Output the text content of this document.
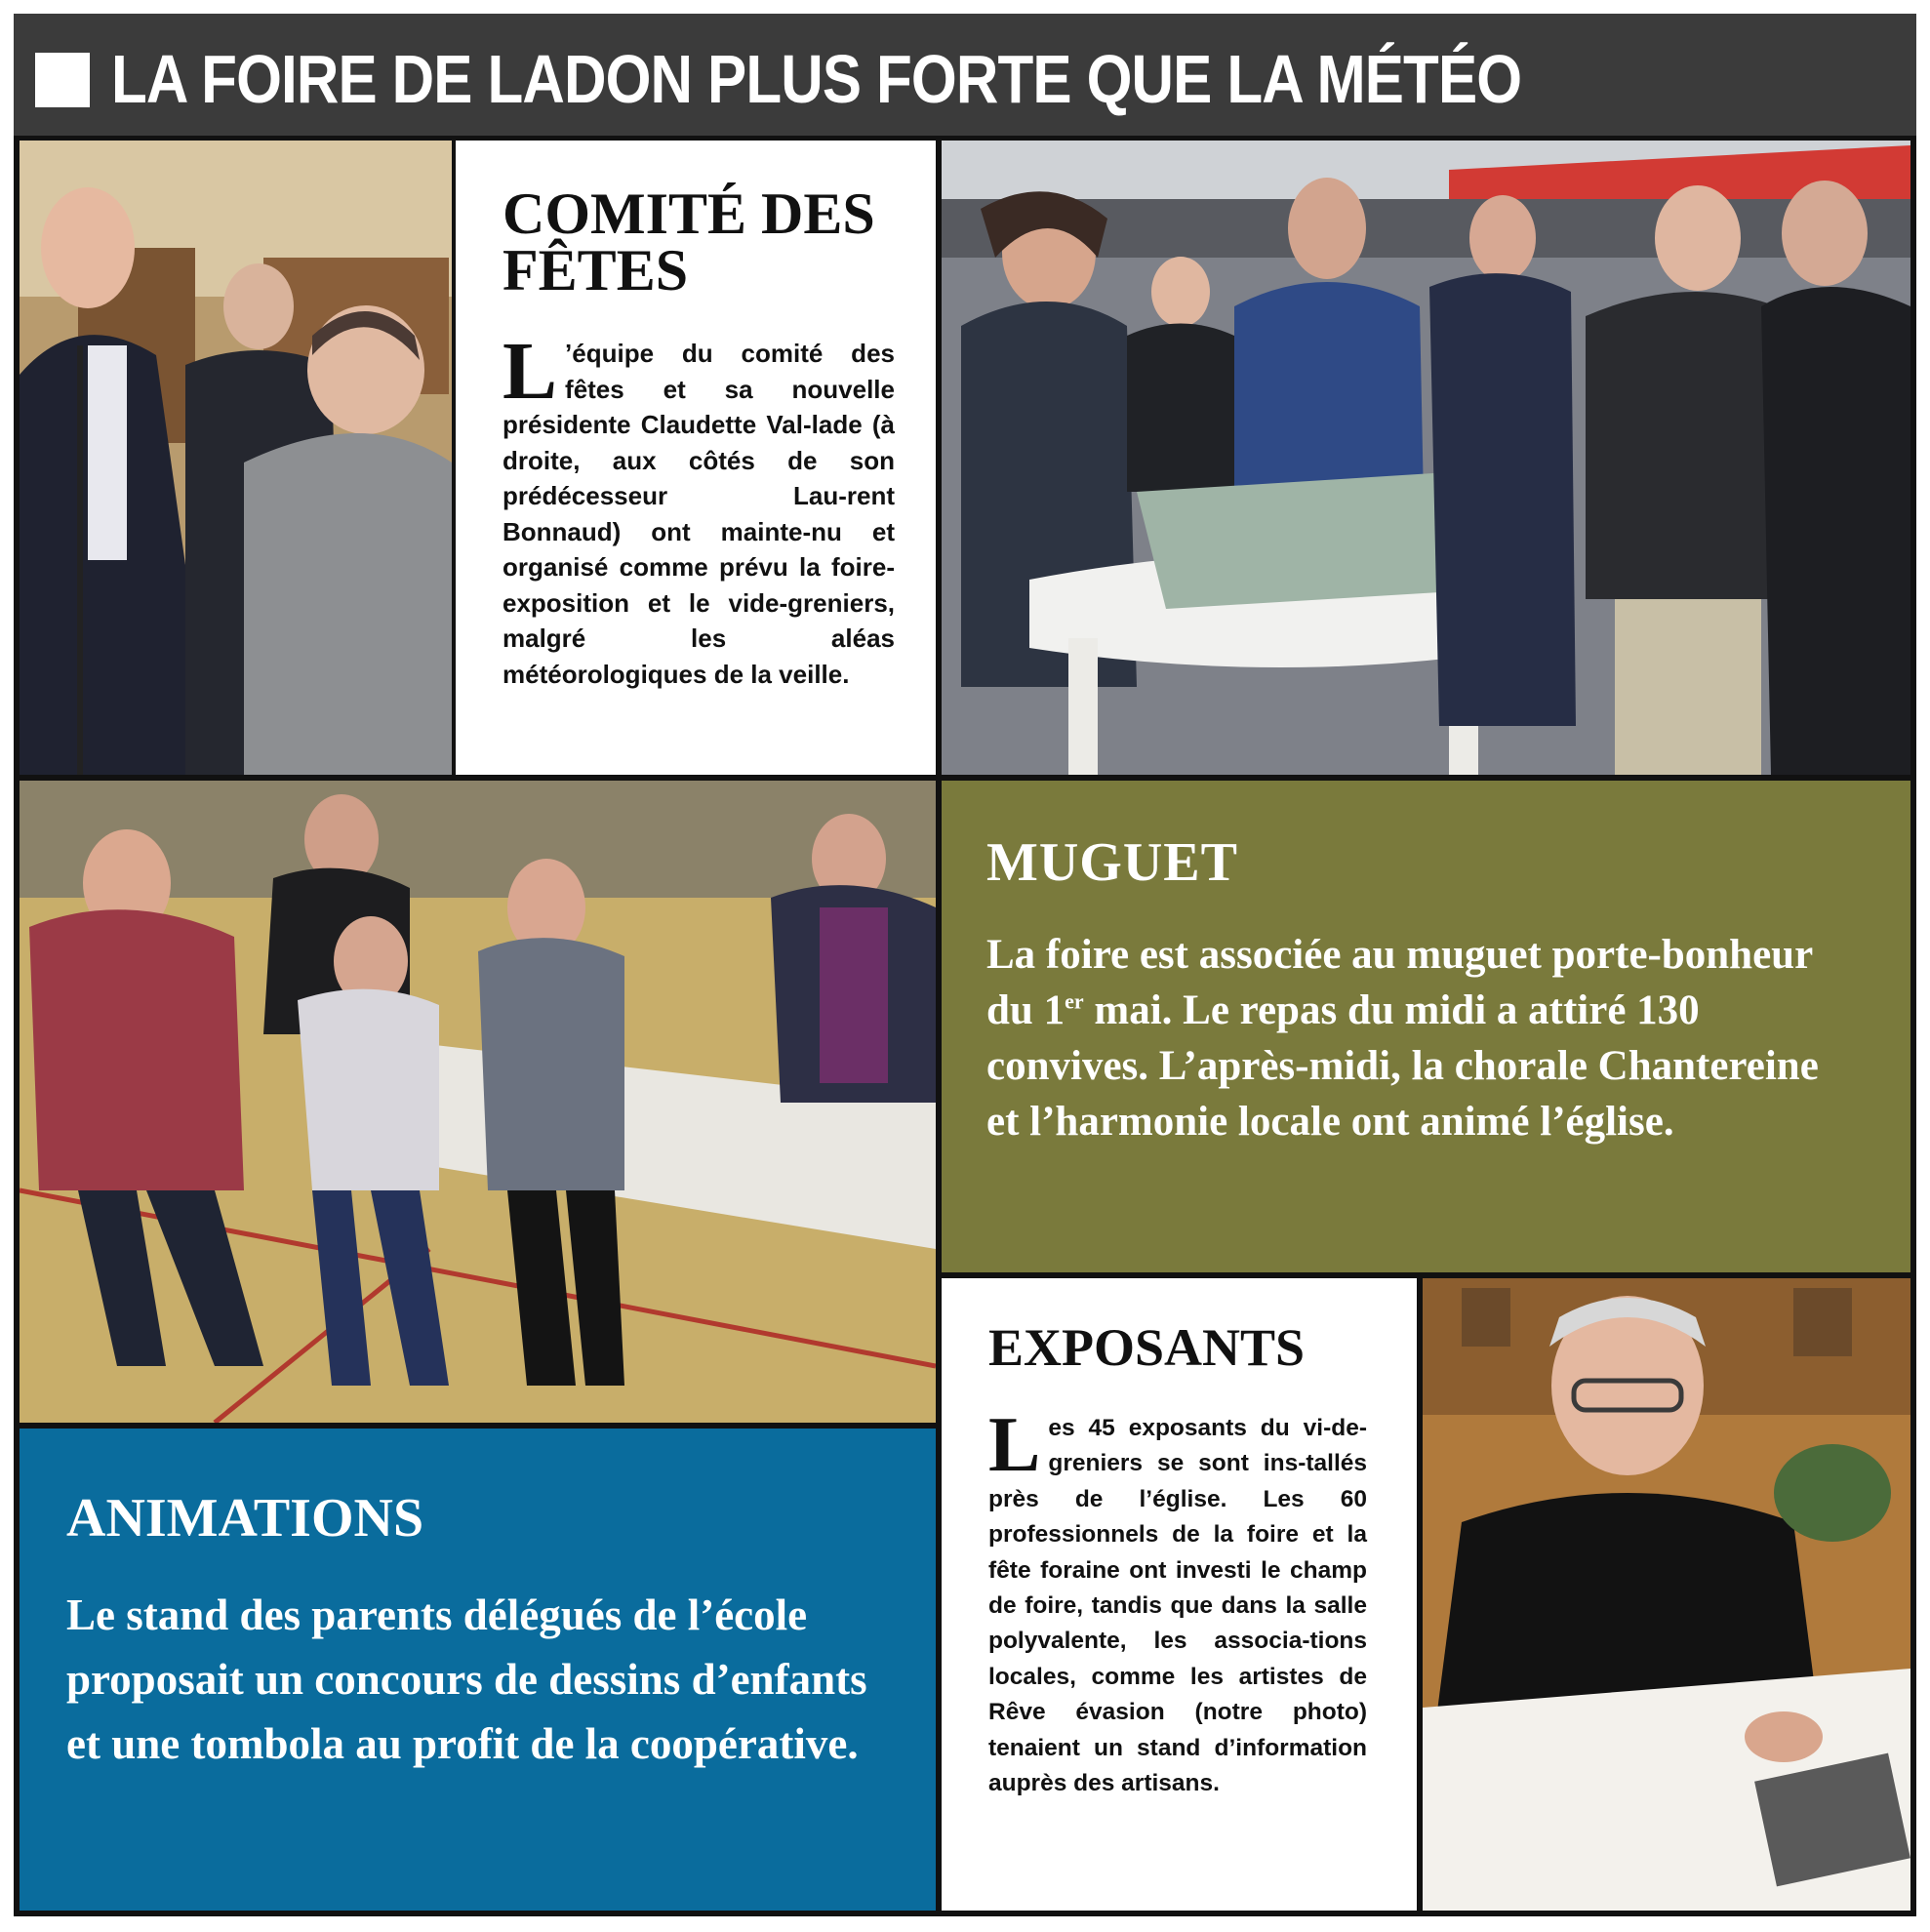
LA FOIRE DE LADON PLUS FORTE QUE LA MÉTÉO
COMITÉ DES FÊTES

L ’équipe du comité des fêtes et sa nouvelle présidente Claudette Val-lade (à droite, aux côtés de son prédécesseur Lau-rent Bonnaud) ont mainte-nu et organisé comme prévu la foire-exposition et le vide-greniers, malgré les aléas météorologiques de la veille.

MUGUET

La foire est associée au muguet porte-bonheur du 1er mai. Le repas du midi a attiré 130 convives. L’après-midi, la chorale Chantereine et l’harmonie locale ont animé l’église.

EXPOSANTS

Les 45 exposants du vi-de-greniers se sont ins-tallés près de l’église. Les 60 professionnels de la foire et la fête foraine ont investi le champ de foire, tandis que dans la salle polyvalente, les associa-tions locales, comme les artistes de Rêve évasion (notre photo) tenaient un stand d’information auprès des artisans.

ANIMATIONS

Le stand des parents délégués de l’école proposait un concours de dessins d’enfants et une tombola au profit de la coopérative.
